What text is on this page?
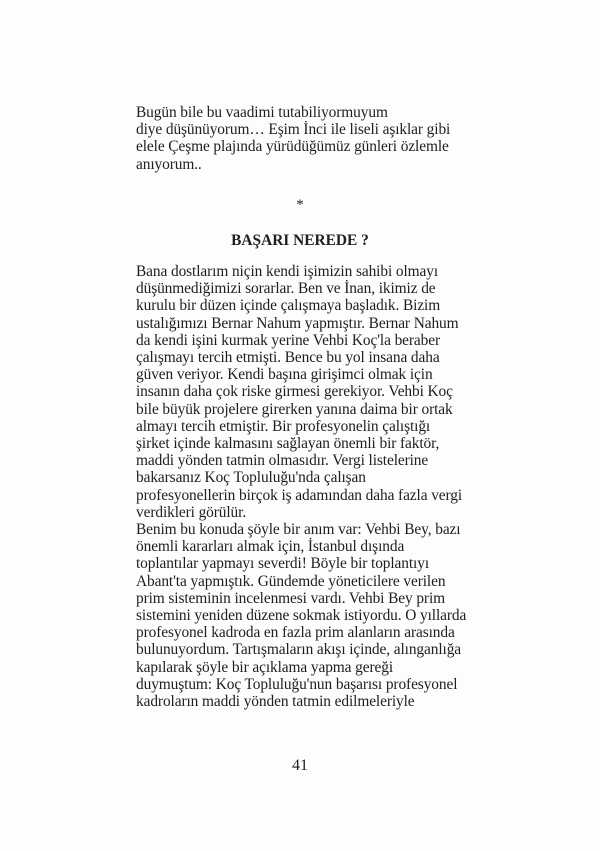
Bugün bile bu vaadimi tutabiliyormuyum
diye düşünüyorum… Eşim İnci ile liseli aşıklar gibi
elele Çeşme plajında yürüdüğümüz günleri özlemle
anıyorum..
*
BAŞARI NEREDE ?
Bana dostlarım niçin kendi işimizin sahibi olmayı
düşünmediğimizi sorarlar. Ben ve İnan, ikimiz de
kurulu bir düzen içinde çalışmaya başladık. Bizim
ustalığımızı Bernar Nahum yapmıştır. Bernar Nahum
da kendi işini kurmak yerine Vehbi Koç'la beraber
çalışmayı tercih etmişti. Bence bu yol insana daha
güven veriyor. Kendi başına girişimci olmak için
insanın daha çok riske girmesi gerekiyor. Vehbi Koç
bile büyük projelere girerken yanına daima bir ortak
almayı tercih etmiştir. Bir profesyonelin çalıştığı
şirket içinde kalmasını sağlayan önemli bir faktör,
maddi yönden tatmin olmasıdır. Vergi listelerine
bakarsanız Koç Topluluğu'nda çalışan
profesyonellerin birçok iş adamından daha fazla vergi
verdikleri görülür.
Benim bu konuda şöyle bir anım var: Vehbi Bey, bazı
önemli kararları almak için, İstanbul dışında
toplantılar yapmayı severdi! Böyle bir toplantıyı
Abant'ta yapmıştık. Gündemde yöneticilere verilen
prim sisteminin incelenmesi vardı. Vehbi Bey prim
sistemini yeniden düzene sokmak istiyordu. O yıllarda
profesyonel kadroda en fazla prim alanların arasında
bulunuyordum. Tartışmaların akışı içinde, alınganlığa
kapılarak şöyle bir açıklama yapma gereği
duymuştum: Koç Topluluğu'nun başarısı profesyonel
kadroların maddi yönden tatmin edilmeleriyle
41
